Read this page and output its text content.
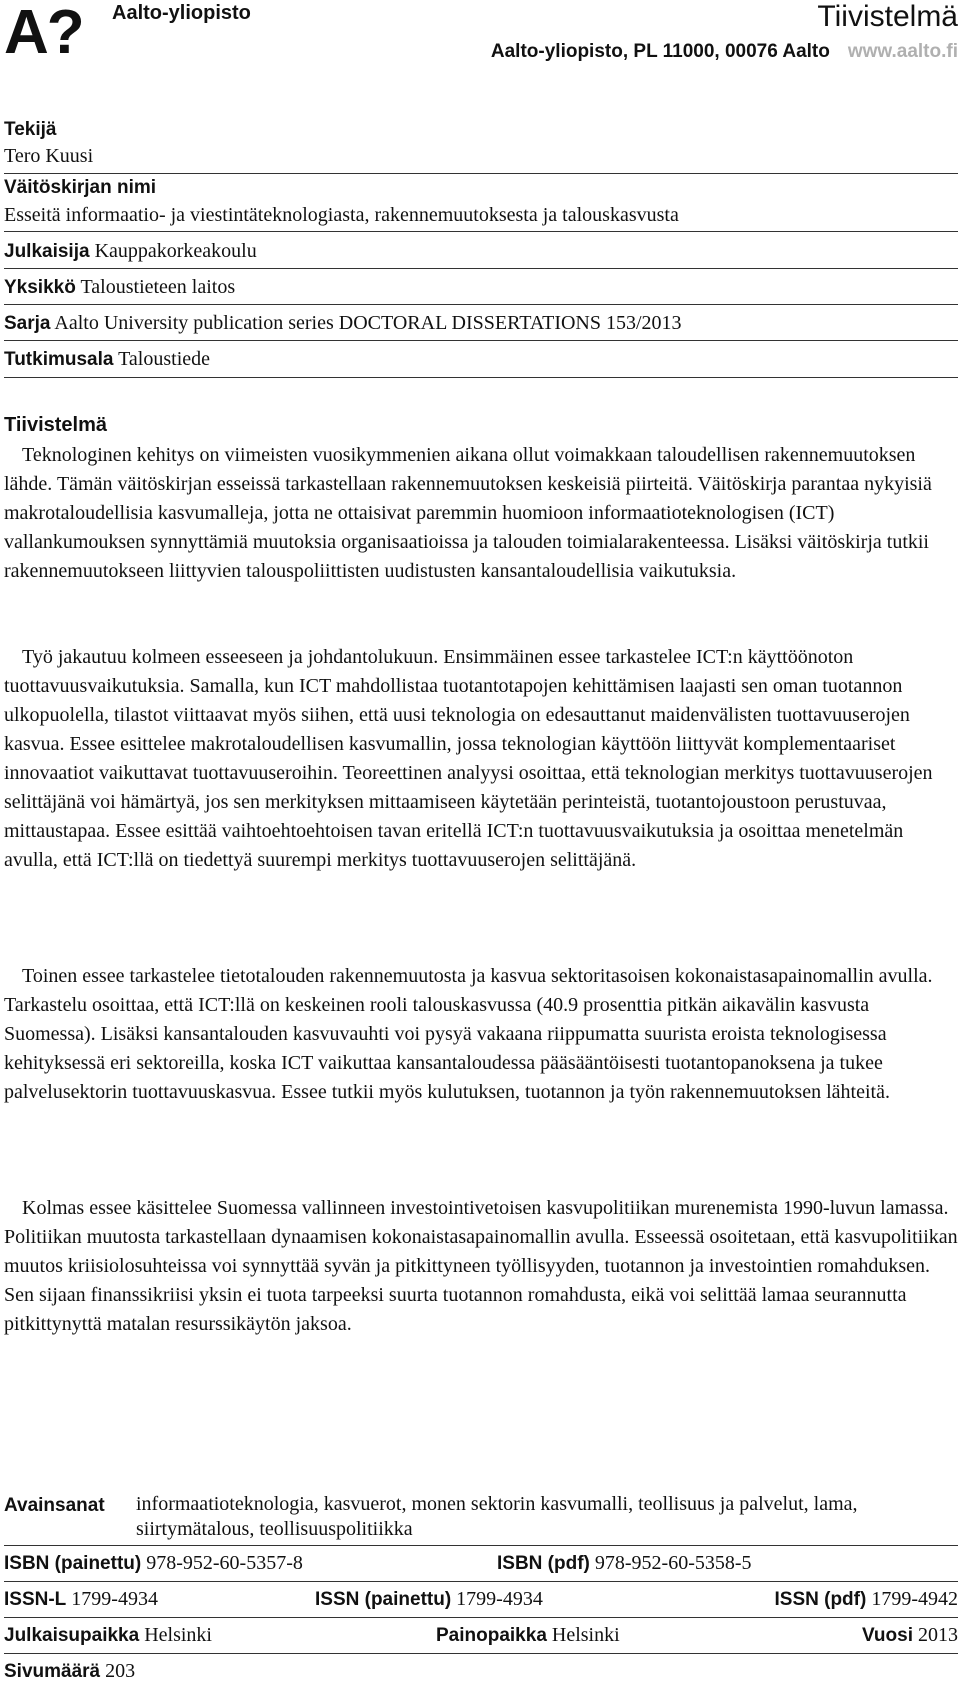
A? Aalto-yliopisto	Tiivistelmä
Aalto-yliopisto, PL 11000, 00076 Aalto www.aalto.fi
Tekijä
Tero Kuusi
Väitöskirjan nimi
Esseitä informaatio- ja viestintäteknologiasta, rakennemuutoksesta ja talouskasvusta
Julkaisija Kauppakorkeakoulu
Yksikkö Taloustieteen laitos
Sarja Aalto University publication series DOCTORAL DISSERTATIONS 153/2013
Tutkimusala Taloustiede
Tiivistelmä

Teknologinen kehitys on viimeisten vuosikymmenien aikana ollut voimakkaan taloudellisen rakennemuutoksen lähde. Tämän väitöskirjan esseissä tarkastellaan rakennemuutoksen keskeisiä piirteitä. Väitöskirja parantaa nykyisiä makrotaloudellisia kasvumalleja, jotta ne ottaisivat paremmin huomioon informaatioteknologisen (ICT) vallankumouksen synnyttämiä muutoksia organisaatioissa ja talouden toimialarakenteessa. Lisäksi väitöskirja tutkii rakennemuutokseen liittyvien talouspoliittisten uudistusten kansantaloudellisia vaikutuksia.

Työ jakautuu kolmeen esseeseen ja johdantolukuun. Ensimmäinen essee tarkastelee ICT:n käyttöönoton tuottavuusvaikutuksia. Samalla, kun ICT mahdollistaa tuotantotapojen kehittämisen laajasti sen oman tuotannon ulkopuolella, tilastot viittaavat myös siihen, että uusi teknologia on edesauttanut maidenvälisten tuottavuuserojen kasvua. Essee esittelee makrotaloudellisen kasvumallin, jossa teknologian käyttöön liittyvät komplementaariset innovaatiot vaikuttavat tuottavuuseroihin. Teoreettinen analyysi osoittaa, että teknologian merkitys tuottavuuserojen selittäjänä voi hämärtyä, jos sen merkityksen mittaamiseen käytetään perinteistä, tuotantojoustoon perustuvaa, mittaustapaa. Essee esittää vaihtoehtoehtoisen tavan eritellä ICT:n tuottavuusvaikutuksia ja osoittaa menetelmän avulla, että ICT:llä on tiedettyä suurempi merkitys tuottavuuserojen selittäjänä.

Toinen essee tarkastelee tietotalouden rakennemuutosta ja kasvua sektoritasoisen kokonaistasapainomallin avulla. Tarkastelu osoittaa, että ICT:llä on keskeinen rooli talouskasvussa (40.9 prosenttia pitkän aikavälin kasvusta Suomessa). Lisäksi kansantalouden kasvuvauhti voi pysyä vakaana riippumatta suurista eroista teknologisessa kehityksessä eri sektoreilla, koska ICT vaikuttaa kansantaloudessa pääsääntöisesti tuotantopanoksena ja tukee palvelusektorin tuottavuuskasvua. Essee tutkii myös kulutuksen, tuotannon ja työn rakennemuutoksen lähteitä.

Kolmas essee käsittelee Suomessa vallinneen investointivetoisen kasvupolitiikan murenemista 1990-luvun lamassa. Politiikan muutosta tarkastellaan dynaamisen kokonaistasapainomallin avulla. Esseessä osoitetaan, että kasvupolitiikan muutos kriisiolosuhteissa voi synnyttää syvän ja pitkittyneen työllisyyden, tuotannon ja investointien romahduksen. Sen sijaan finanssikriisi yksin ei tuota tarpeeksi suurta tuotannon romahdusta, eikä voi selittää lamaa seurannutta pitkittynyttä matalan resurssikäytön jaksoa.

Avainsanat informaatioteknologia, kasvuerot, monen sektorin kasvumalli, teollisuus ja palvelut, lama, siirtymätalous, teollisuuspolitiikka
ISBN (painettu) 978-952-60-5357-8	ISBN (pdf) 978-952-60-5358-5
ISSN-L 1799-4934	ISSN (painettu) 1799-4934	ISSN (pdf) 1799-4942
Julkaisupaikka Helsinki	Painopaikka Helsinki	Vuosi 2013
Sivumäärä 203
